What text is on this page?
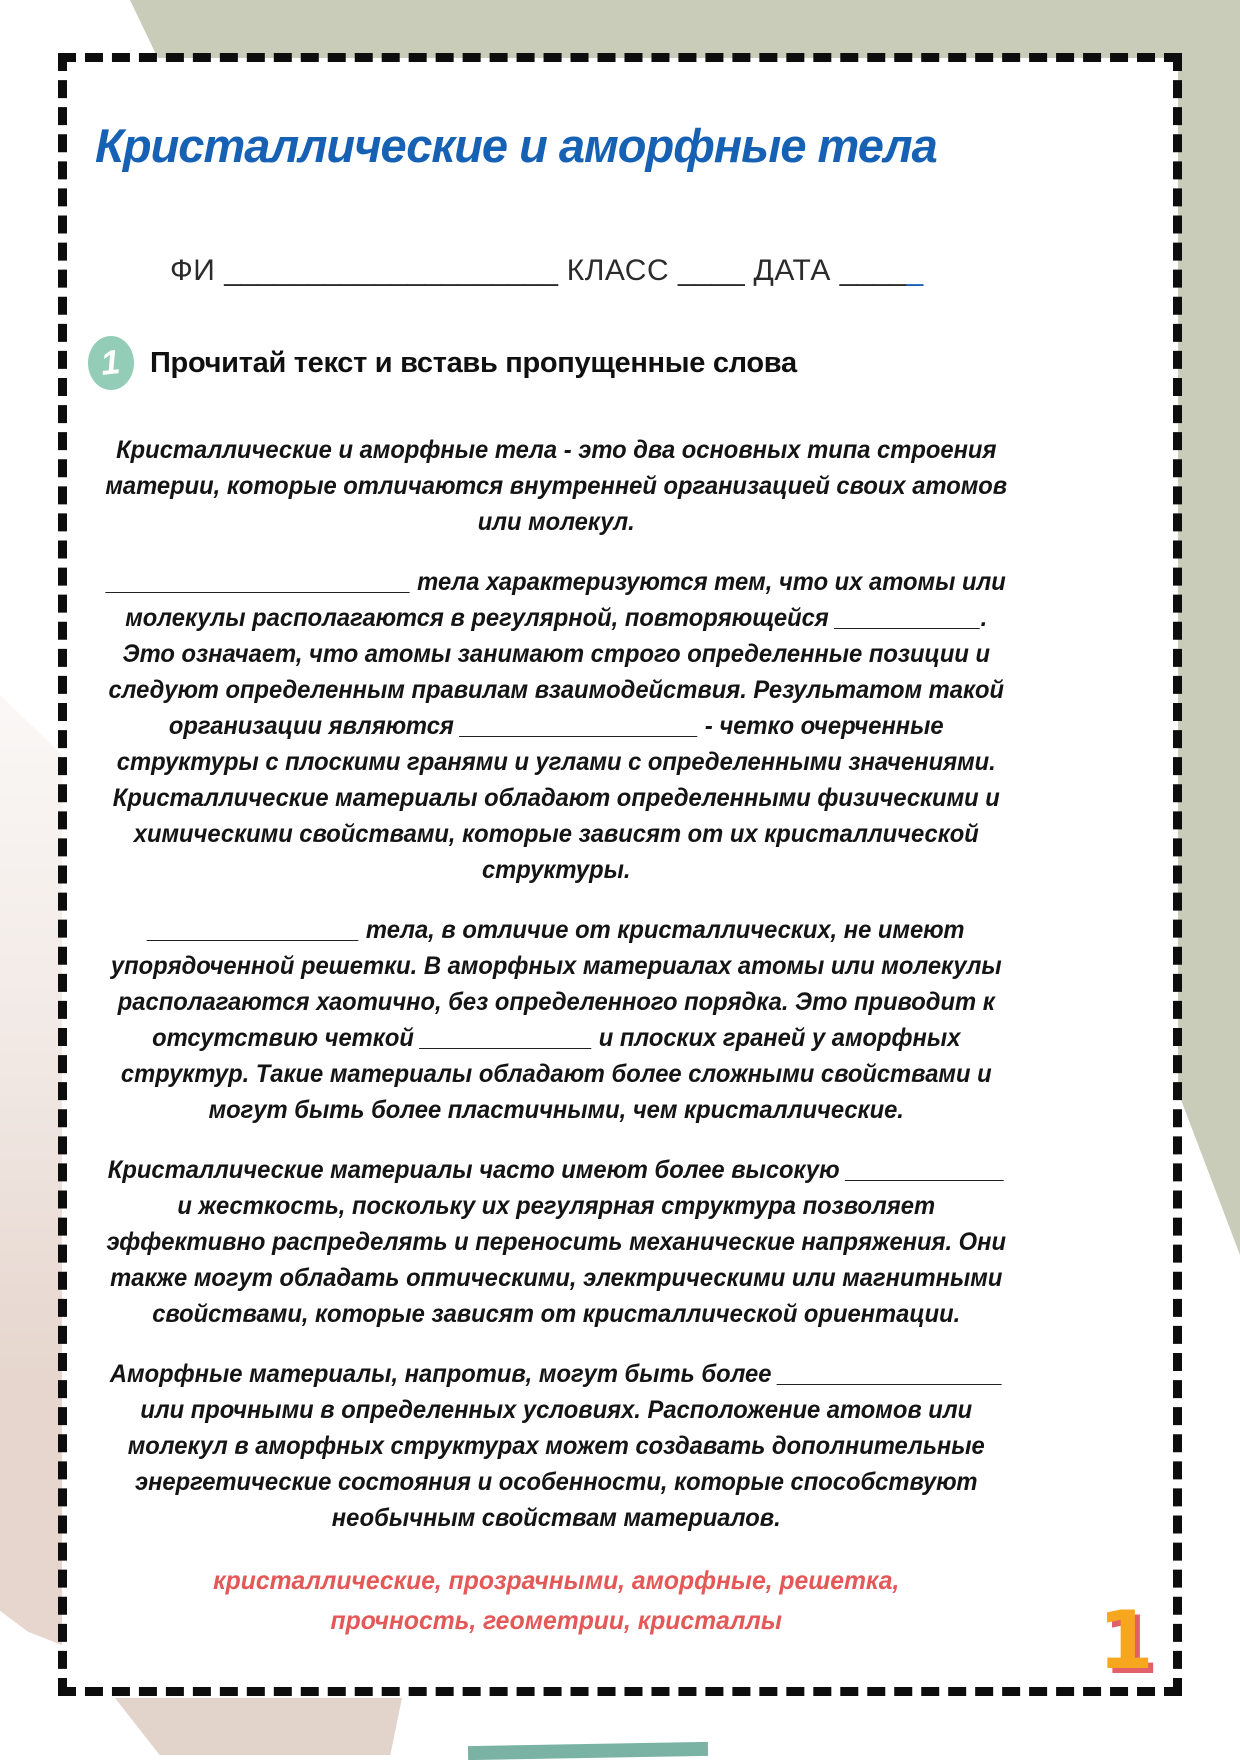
Кристаллические и аморфные тела
ФИ ____________________ КЛАСС ____ ДАТА _____
1 Прочитай текст и вставь пропущенные слова

Кристаллические и аморфные тела - это два основных типа строения материи, которые отличаются внутренней организацией своих атомов или молекул.

_______________________ тела характеризуются тем, что их атомы или молекулы располагаются в регулярной, повторяющейся ___________. Это означает, что атомы занимают строго определенные позиции и следуют определенным правилам взаимодействия. Результатом такой организации являются __________________ - четко очерченные структуры с плоскими гранями и углами с определенными значениями. Кристаллические материалы обладают определенными физическими и химическими свойствами, которые зависят от их кристаллической структуры.

________________ тела, в отличие от кристаллических, не имеют упорядоченной решетки. В аморфных материалах атомы или молекулы располагаются хаотично, без определенного порядка. Это приводит к отсутствию четкой _____________ и плоских граней у аморфных структур. Такие материалы обладают более сложными свойствами и могут быть более пластичными, чем кристаллические.

Кристаллические материалы часто имеют более высокую ____________ и жесткость, поскольку их регулярная структура позволяет эффективно распределять и переносить механические напряжения. Они также могут обладать оптическими, электрическими или магнитными свойствами, которые зависят от кристаллической ориентации.

Аморфные материалы, напротив, могут быть более _________________ или прочными в определенных условиях. Расположение атомов или молекул в аморфных структурах может создавать дополнительные энергетические состояния и особенности, которые способствуют необычным свойствам материалов.

кристаллические, прозрачными, аморфные, решетка, прочность, геометрии, кристаллы	1
